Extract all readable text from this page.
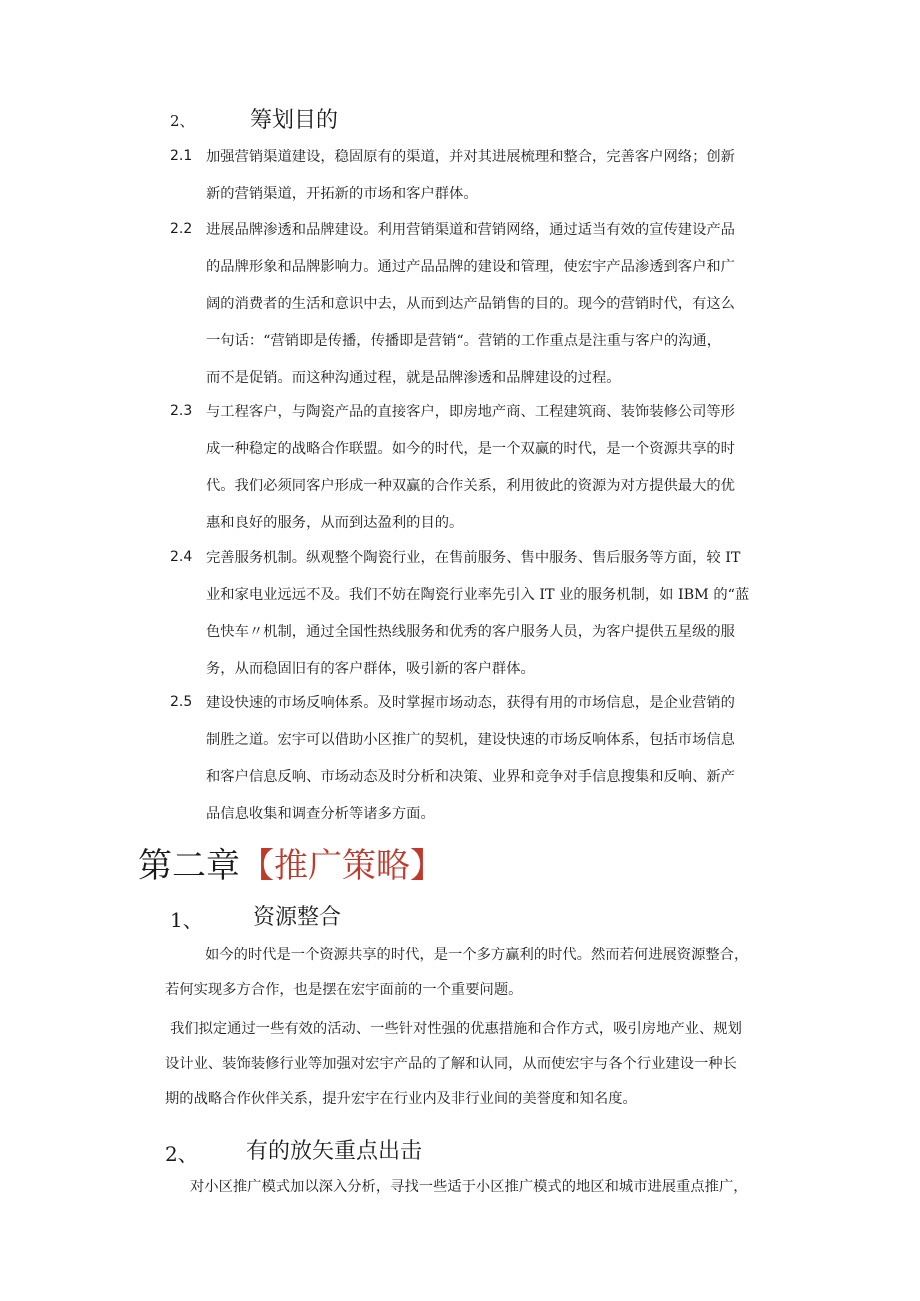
2、	筹划目的
2.1 加强营销渠道建设，稳固原有的渠道，并对其进展梳理和整合，完善客户网络；创新
新的营销渠道，开拓新的市场和客户群体。
2.2 进展品牌渗透和品牌建设。利用营销渠道和营销网络，通过适当有效的宣传建设产品
的品牌形象和品牌影响力。通过产品品牌的建设和管理，使宏宇产品渗透到客户和广
阔的消费者的生活和意识中去，从而到达产品销售的目的。现今的营销时代，有这么
一句话：“营销即是传播，传播即是营销“。营销的工作重点是注重与客户的沟通，
而不是促销。而这种沟通过程，就是品牌渗透和品牌建设的过程。
2.3 与工程客户，与陶瓷产品的直接客户，即房地产商、工程建筑商、装饰装修公司等形
成一种稳定的战略合作联盟。如今的时代，是一个双赢的时代，是一个资源共享的时
代。我们必须同客户形成一种双赢的合作关系，利用彼此的资源为对方提供最大的优
惠和良好的服务，从而到达盈利的目的。
2.4 完善服务机制。纵观整个陶瓷行业，在售前服务、售中服务、售后服务等方面，较 IT
业和家电业远远不及。我们不妨在陶瓷行业率先引入 IT 业的服务机制，如 IBM 的“蓝
色快车〃机制，通过全国性热线服务和优秀的客户服务人员，为客户提供五星级的服
务，从而稳固旧有的客户群体，吸引新的客户群体。
2.5 建设快速的市场反响体系。及时掌握市场动态，获得有用的市场信息，是企业营销的
制胜之道。宏宇可以借助小区推广的契机，建设快速的市场反响体系，包括市场信息
和客户信息反响、市场动态及时分析和决策、业界和竞争对手信息搜集和反响、新产
品信息收集和调查分析等诸多方面。
第二章【推广策略】
1、 资源整合
如今的时代是一个资源共享的时代，是一个多方赢利的时代。然而若何进展资源整合，
若何实现多方合作，也是摆在宏宇面前的一个重要问题。
我们拟定通过一些有效的活动、一些针对性强的优惠措施和合作方式，吸引房地产业、规划
设计业、装饰装修行业等加强对宏宇产品的了解和认同，从而使宏宇与各个行业建设一种长
期的战略合作伙伴关系，提升宏宇在行业内及非行业间的美誉度和知名度。
2、 有的放矢重点出击
对小区推广模式加以深入分析，寻找一些适于小区推广模式的地区和城市进展重点推广，
